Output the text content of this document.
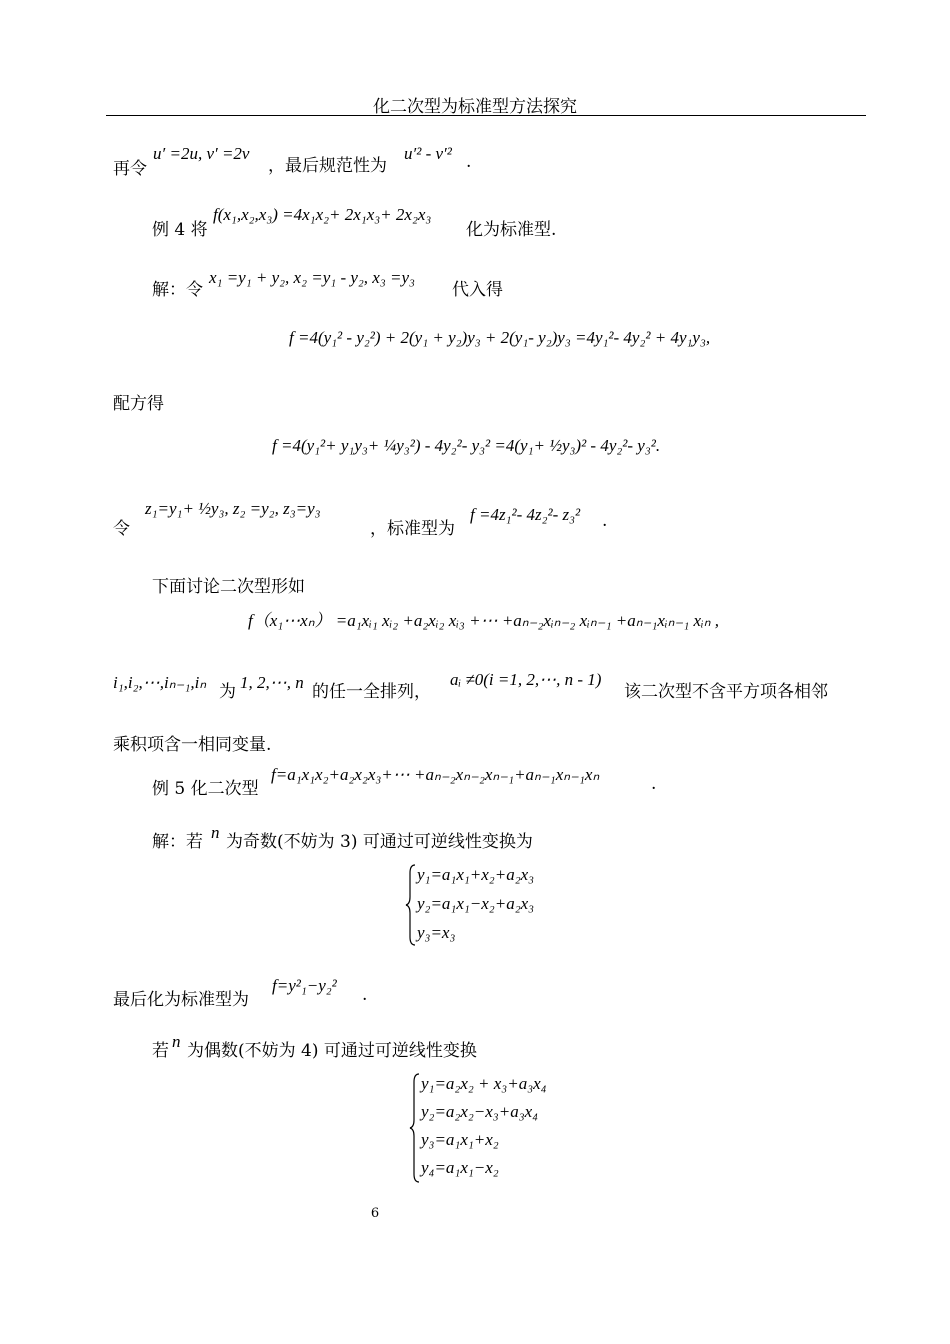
化二次型为标准型方法探究
再令
u′ =2u, v′ =2v
，最后规范性为
u′² - v′² .
例 4 将
f(x₁,x₂,x₃) =4x₁x₂+ 2x₁x₃+ 2x₂x₃
化为标准型.
解：令
x₁ =y₁ + y₂, x₂ =y₁ - y₂, x₃ =y₃
代入得
f =4(y₁² - y₂²) + 2(y₁ + y₂)y₃ + 2(y₁- y₂)y₃ =4y₁²- 4y₂² + 4y₁y₃,
配方得
f =4(y₁²+ y₁y₃+ ¼y₃²) - 4y₂²- y₃² =4(y₁+ ½y₃)² - 4y₂²- y₃².
令
z₁=y₁+ ½y₃, z₂ =y₂, z₃=y₃
，标准型为
f =4z₁²- 4z₂²- z₃² .
下面讨论二次型形如
f（x₁⋯xₙ） =a₁xᵢ₁ xᵢ₂ +a₂xᵢ₂ xᵢ₃ +⋯ +aₙ₋₂xᵢₙ₋₂ xᵢₙ₋₁ +aₙ₋₁xᵢₙ₋₁ xᵢₙ ,
i₁,i₂,⋯,iₙ₋₁,iₙ 为 1, 2,⋯, n 的任一全排列，
aᵢ ≠0(i =1, 2,⋯, n - 1)
该二次型不含平方项各相邻
乘积项含一相同变量.
例 5 化二次型
f=a₁x₁x₂+a₂x₂x₃+⋯ +aₙ₋₂xₙ₋₂xₙ₋₁+aₙ₋₁xₙ₋₁xₙ	.
解：若 n 为奇数(不妨为 3) 可通过可逆线性变换为
y₁=a₁x₁+x₂+a₂x₃
y₂=a₁x₁−x₂+a₂x₃
y₃=x₃
最后化为标准型为
f=y²₁−y₂² .
若 n 为偶数(不妨为 4) 可通过可逆线性变换
y₁=a₂x₂ + x₃+a₃x₄
y₂=a₂x₂−x₃+a₃x₄
y₃=a₁x₁+x₂
y₄=a₁x₁−x₂
6
